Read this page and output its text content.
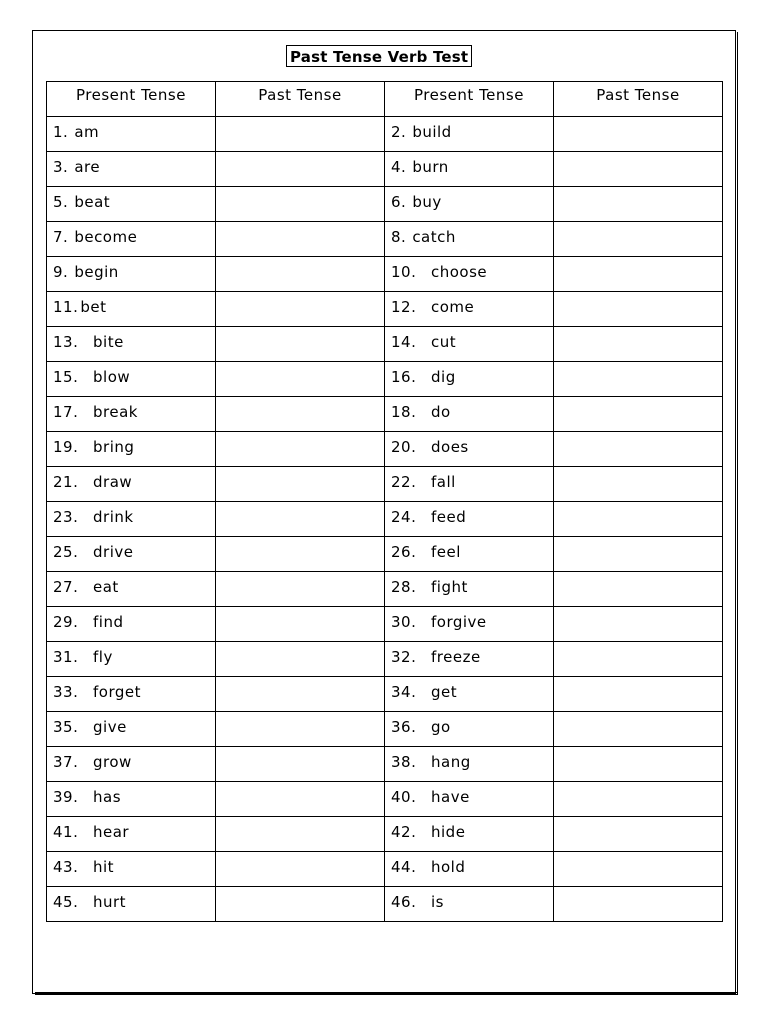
Past Tense Verb Test
Present Tense	Past Tense	Present Tense	Past Tense
1. am		2. build	
3. are		4. burn	
5. beat		6. buy	
7. become		8. catch	
9. begin		10. choose	
11. bet		12. come	
13. bite		14. cut	
15. blow		16. dig	
17. break		18. do	
19. bring		20. does	
21. draw		22. fall	
23. drink		24. feed	
25. drive		26. feel	
27. eat		28. fight	
29. find		30. forgive	
31. fly		32. freeze	
33. forget		34. get	
35. give		36. go	
37. grow		38. hang	
39. has		40. have	
41. hear		42. hide	
43. hit		44. hold	
45. hurt		46. is	
